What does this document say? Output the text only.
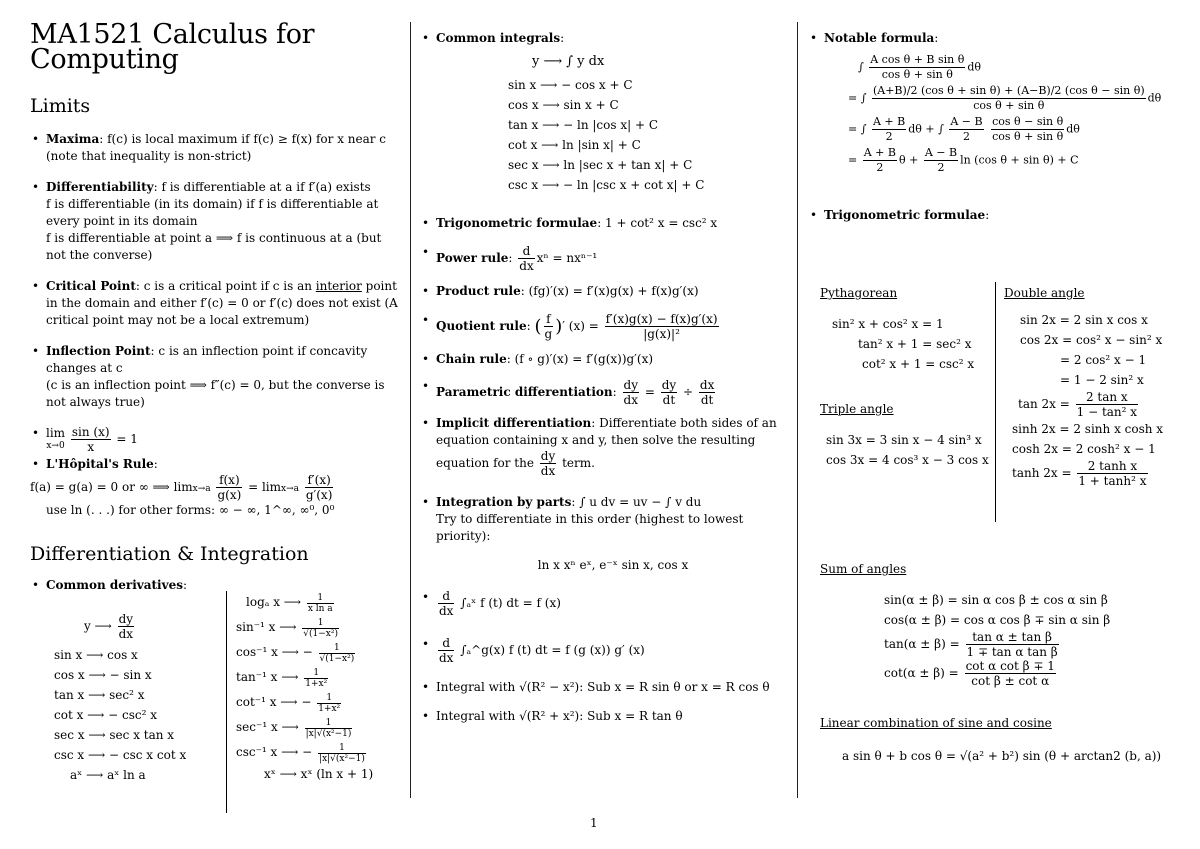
MA1521 Calculus for
Computing
Limits
• Maxima: f(c) is local maximum if f(c) ≥ f(x) for x near c (note that inequality is non-strict)
• Differentiability: f is differentiable at a if f′(a) exists
f is differentiable (in its domain) if f is differentiable at every point in its domain
f is differentiable at point a ⟹ f is continuous at a (but not the converse)
• Critical Point: c is a critical point if c is an interior point in the domain and either f′(c) = 0 or f′(c) does not exist (A critical point may not be a local extremum)
• Inflection Point: c is an inflection point if concavity changes at c
(c is an inflection point ⟹ f″(c) = 0, but the converse is not always true)
• lim
$x\to 0 \frac{\sin (x)}{x} = 1$
• L'Hôpital's Rule:
f(a) = g(a) = 0 or ∞ ⟹ $\lim x\to a \frac{f(x)}{g(x)} = \lim x\to a \frac{f'(x)}{g'(x)}$

use ln (. . .) for other forms: ∞ − ∞, 1^∞, ∞⁰, 0⁰
Differentiation & Integration
• Common derivatives:
y ⟶ $\frac{dy}{dx}$
sin x ⟶ cos x
cos x ⟶ − sin x
tan x ⟶ sec² x
cot x ⟶ − csc² x
sec x ⟶ sec x tan x
csc x ⟶ − csc x cot x
aˣ ⟶ aˣ ln a
logₐ x ⟶ $\frac{1}{\text{x ln a}}$
sin⁻¹ x ⟶ $\frac{1}{\text{√(1−x²)}}$
cos⁻¹ x ⟶ − $\frac{1}{\text{√(1−x²)}}$
tan⁻¹ x ⟶ $\frac{1}{\text{1+x²}}$
cot⁻¹ x ⟶ − $\frac{1}{\text{1+x²}}$
sec⁻¹ x ⟶ $\frac{1}{\text{|x|√(x²−1)}}$
csc⁻¹ x ⟶ − $\frac{1}{\text{|x|√(x²−1)}}$
xˣ ⟶ xˣ (ln x + 1)
• Common integrals:
y ⟶ ∫ y dx
sin x ⟶ − cos x + C
cos x ⟶ sin x + C
tan x ⟶ − ln |cos x| + C
cot x ⟶ ln |sin x| + C
sec x ⟶ ln |sec x + tan x| + C
csc x ⟶ − ln |csc x + cot x| + C
• Trigonometric formulae: 1 + cot² x = csc² x
• Power rule: $\frac{d}{dx}$ xⁿ = nxⁿ⁻¹
• Product rule: (fg)′(x) = f′(x)g(x) + f(x)g′(x)
• Quotient rule: ( $\frac{f}{g}$ )′ $(x) = \frac{f'(x)g(x) - f(x)g'(x)}{\text{|g(x)|²}}$
• Chain rule: (f ∘ g)′(x) = f′(g(x))g′(x)
• Parametric differentiation: $\frac{dy}{dx} = \frac{dy}{dt} \div \frac{dx}{dt}$
• Implicit differentiation: Differentiate both sides of an equation containing x and y, then solve the resulting equation for the $\frac{dy}{dx}$ term.
• Integration by parts: ∫ u dv = uv − ∫ v du
Try to differentiate in this order (highest to lowest priority):
ln x xⁿ eˣ, e⁻ˣ sin x, cos x
• $\frac{d}{dx}$ ∫ₐˣ f (t) dt = f (x)
• $\frac{d}{dx}$ ∫ₐ^g(x) f (t) dt = f (g (x)) g′ (x)
• Integral with √(R² − x²): Sub x = R sin θ or x = R cos θ
• Integral with √(R² + x²): Sub x = R tan θ
• Notable formula:
∫ $\frac{\text{A cos θ + B sin θ}}{\text{cos θ + sin θ}}$ dθ
= ∫ $\frac{\text{(A+B)/2 (cos θ + sin θ) + (A−B)/2 (cos θ − sin θ)}}{\text{cos θ + sin θ}}$ dθ
= ∫ $\frac{A + B}{2}$ dθ + ∫ $\frac{A - B}{2}$
$\frac{\text{cos θ − sin θ}}{\text{cos θ + sin θ}}$ dθ
= $\frac{A + B}{2}$ $\theta + \frac{A - B}{2}$ ln (cos θ + sin θ) + C
• Trigonometric formulae:
Pythagorean
sin² x + cos² x = 1
tan² x + 1 = sec² x
cot² x + 1 = csc² x
Triple angle
sin 3x = 3 sin x − 4 sin³ x
cos 3x = 4 cos³ x − 3 cos x
Double angle
sin 2x = 2 sin x cos x
cos 2x = cos² x − sin² x
= 2 cos² x − 1
= 1 − 2 sin² x
$\tan 2x = \frac{\text{2 tan x}}{\text{1 − tan² x}}$
sinh 2x = 2 sinh x cosh x
cosh 2x = 2 cosh² x − 1
$\tanh 2x = \frac{\text{2 tanh x}}{\text{1 + tanh² x}}$
Sum of angles
sin(α ± β) = sin α cos β ± cos α sin β
cos(α ± β) = cos α cos β ∓ sin α sin β
$\tan(\alpha \pm \beta) = \frac{\text{tan α ± tan β}}{\text{1 ∓ tan α tan β}}$
$\cot(\alpha \pm \beta) = \frac{\text{cot α cot β ∓ 1}}{\text{cot β ± cot α}}$
Linear combination of sine and cosine
a sin θ + b cos θ = √(a² + b²) sin (θ + arctan2 (b, a))
1
